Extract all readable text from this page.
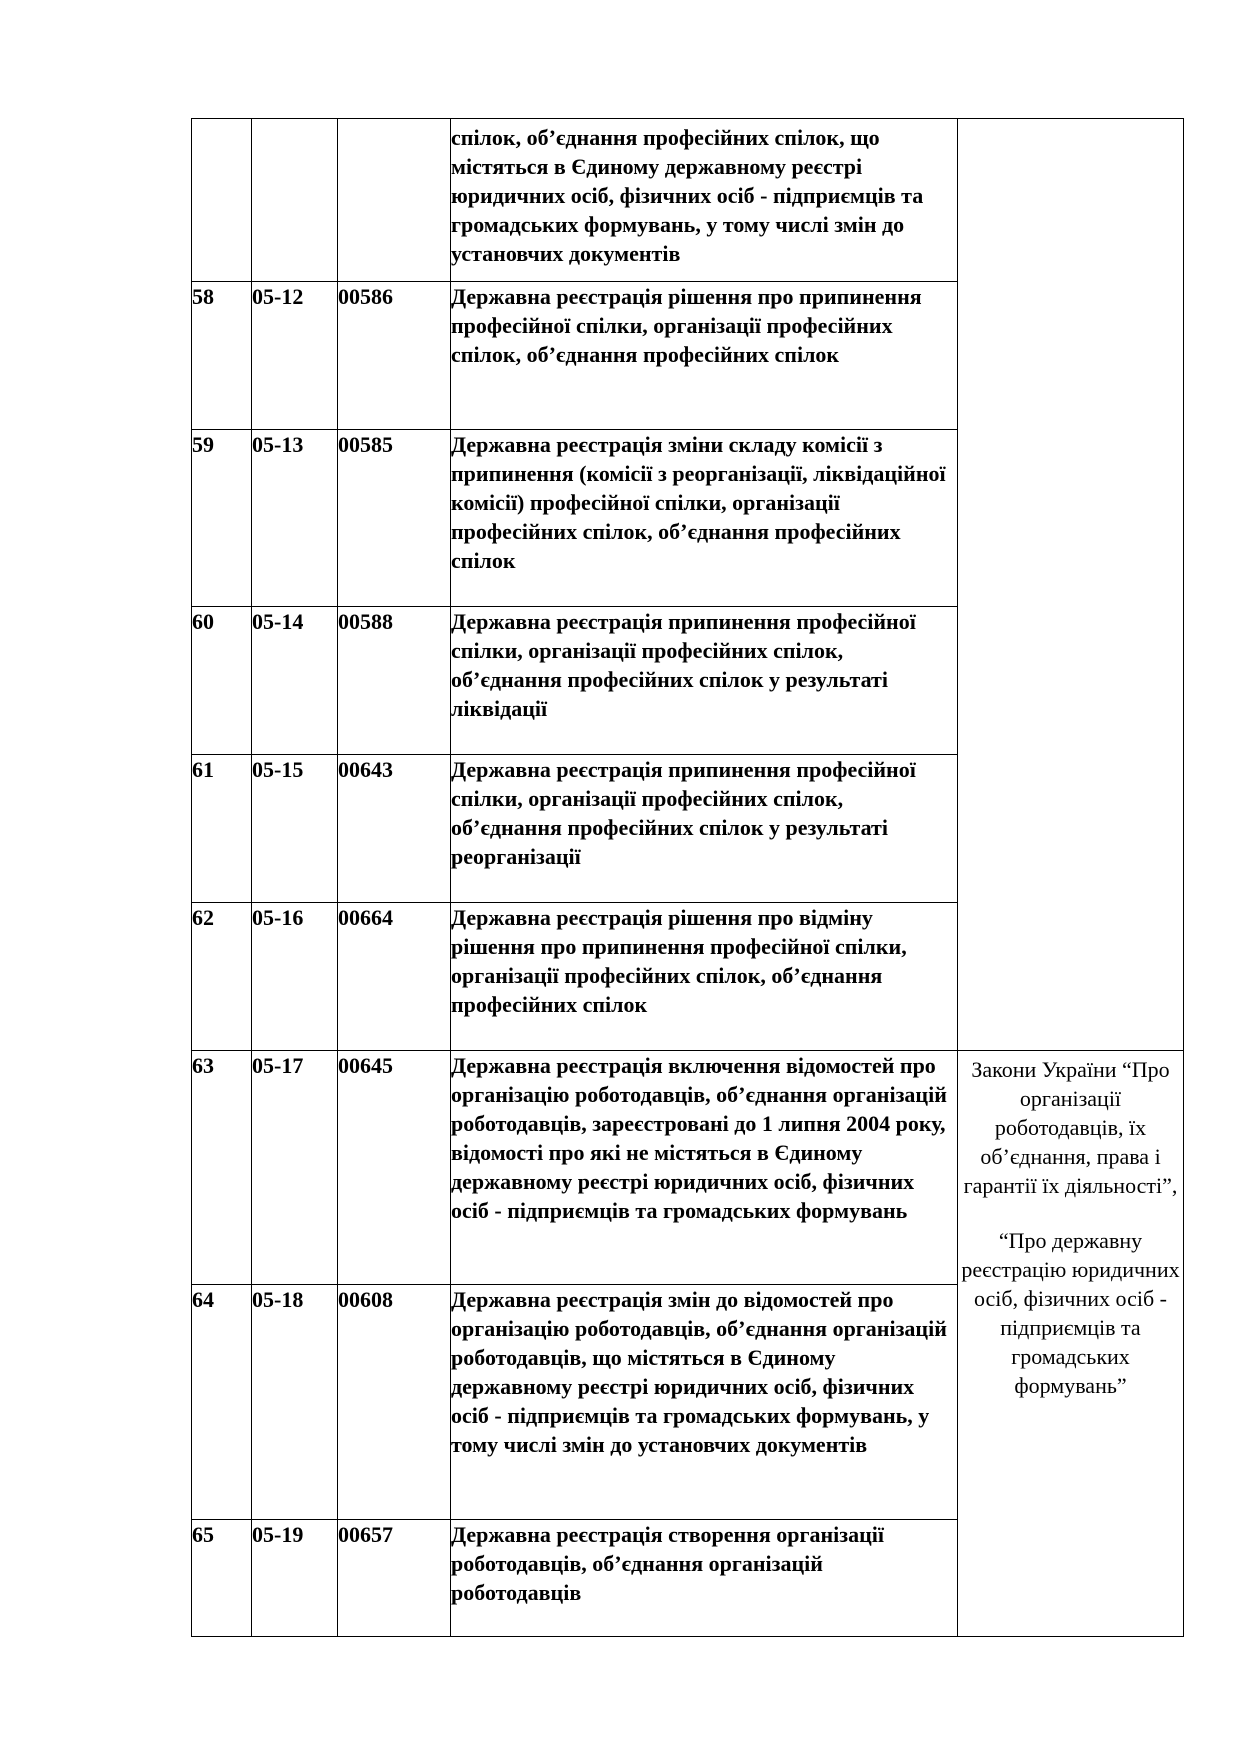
			спілок, об’єднання професійних спілок, що містяться в Єдиному державному реєстрі юридичних осіб, фізичних осіб - підприємців та громадських формувань, у тому числі змін до установчих документів	
58	05-12	00586	Державна реєстрація рішення про припинення професійної спілки, організації професійних спілок, об’єднання професійних спілок	
59	05-13	00585	Державна реєстрація зміни складу комісії з припинення (комісії з реорганізації, ліквідаційної комісії) професійної спілки, організації професійних спілок, об’єднання професійних спілок	
60	05-14	00588	Державна реєстрація припинення професійної спілки, організації професійних спілок, об’єднання професійних спілок у результаті ліквідації	
61	05-15	00643	Державна реєстрація припинення професійної спілки, організації професійних спілок, об’єднання професійних спілок у результаті реорганізації	
62	05-16	00664	Державна реєстрація рішення про відміну рішення про припинення професійної спілки, організації професійних спілок, об’єднання професійних спілок	
63	05-17	00645	Державна реєстрація включення відомостей про організацію роботодавців, об’єднання організацій роботодавців, зареєстровані до 1 липня 2004 року, відомості про які не містяться в Єдиному державному реєстрі юридичних осіб, фізичних осіб - підприємців та громадських формувань	Закони України “Про організації роботодавців, їх об’єднання, права і гарантії їх діяльності”,
“Про державну реєстрацію юридичних осіб, фізичних осіб - підприємців та громадських формувань”

64	05-18	00608	Державна реєстрація змін до відомостей про організацію роботодавців, об’єднання організацій роботодавців, що містяться в Єдиному державному реєстрі юридичних осіб, фізичних осіб - підприємців та громадських формувань, у тому числі змін до установчих документів	
65	05-19	00657	Державна реєстрація створення організації роботодавців, об’єднання організацій роботодавців	
